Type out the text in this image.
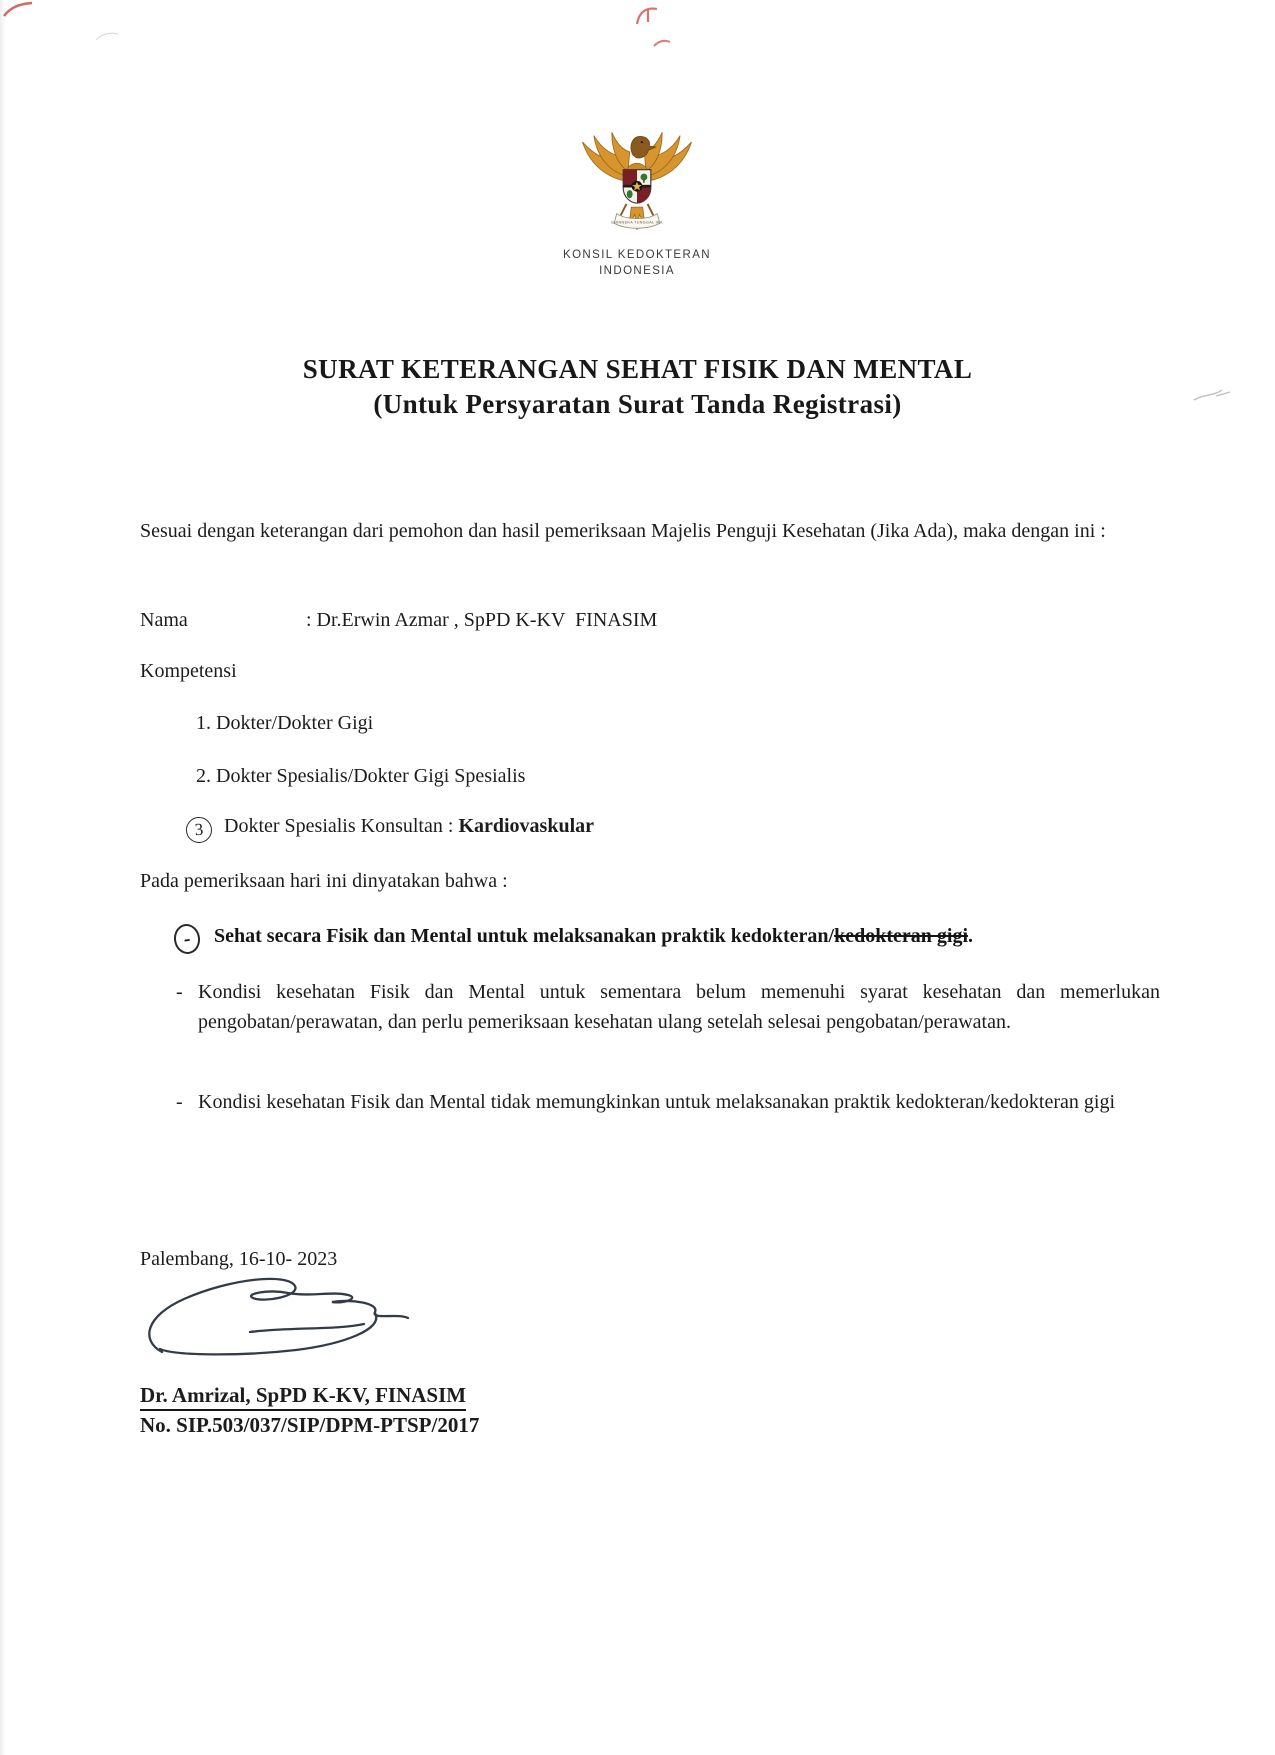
BHINNEKA TUNGGAL IKA
KONSIL KEDOKTERAN
INDONESIA
SURAT KETERANGAN SEHAT FISIK DAN MENTAL
(Untuk Persyaratan Surat Tanda Registrasi)
Sesuai dengan keterangan dari pemohon dan hasil pemeriksaan Majelis Penguji Kesehatan (Jika Ada), maka dengan ini :
Nama	: Dr.Erwin Azmar , SpPD K-KV  FINASIM
Kompetensi
1. Dokter/Dokter Gigi
2. Dokter Spesialis/Dokter Gigi Spesialis
3 Dokter Spesialis Konsultan : Kardiovaskular
Pada pemeriksaan hari ini dinyatakan bahwa :
-	Sehat secara Fisik dan Mental untuk melaksanakan praktik kedokteran/kedokteran gigi.
- Kondisi kesehatan Fisik dan Mental untuk sementara belum memenuhi syarat kesehatan dan memerlukan pengobatan/perawatan, dan perlu pemeriksaan kesehatan ulang setelah selesai pengobatan/perawatan.
- Kondisi kesehatan Fisik dan Mental tidak memungkinkan untuk melaksanakan praktik kedokteran/kedokteran gigi
Palembang, 16-10- 2023
Dr. Amrizal, SpPD K-KV, FINASIM
No. SIP.503/037/SIP/DPM-PTSP/2017
